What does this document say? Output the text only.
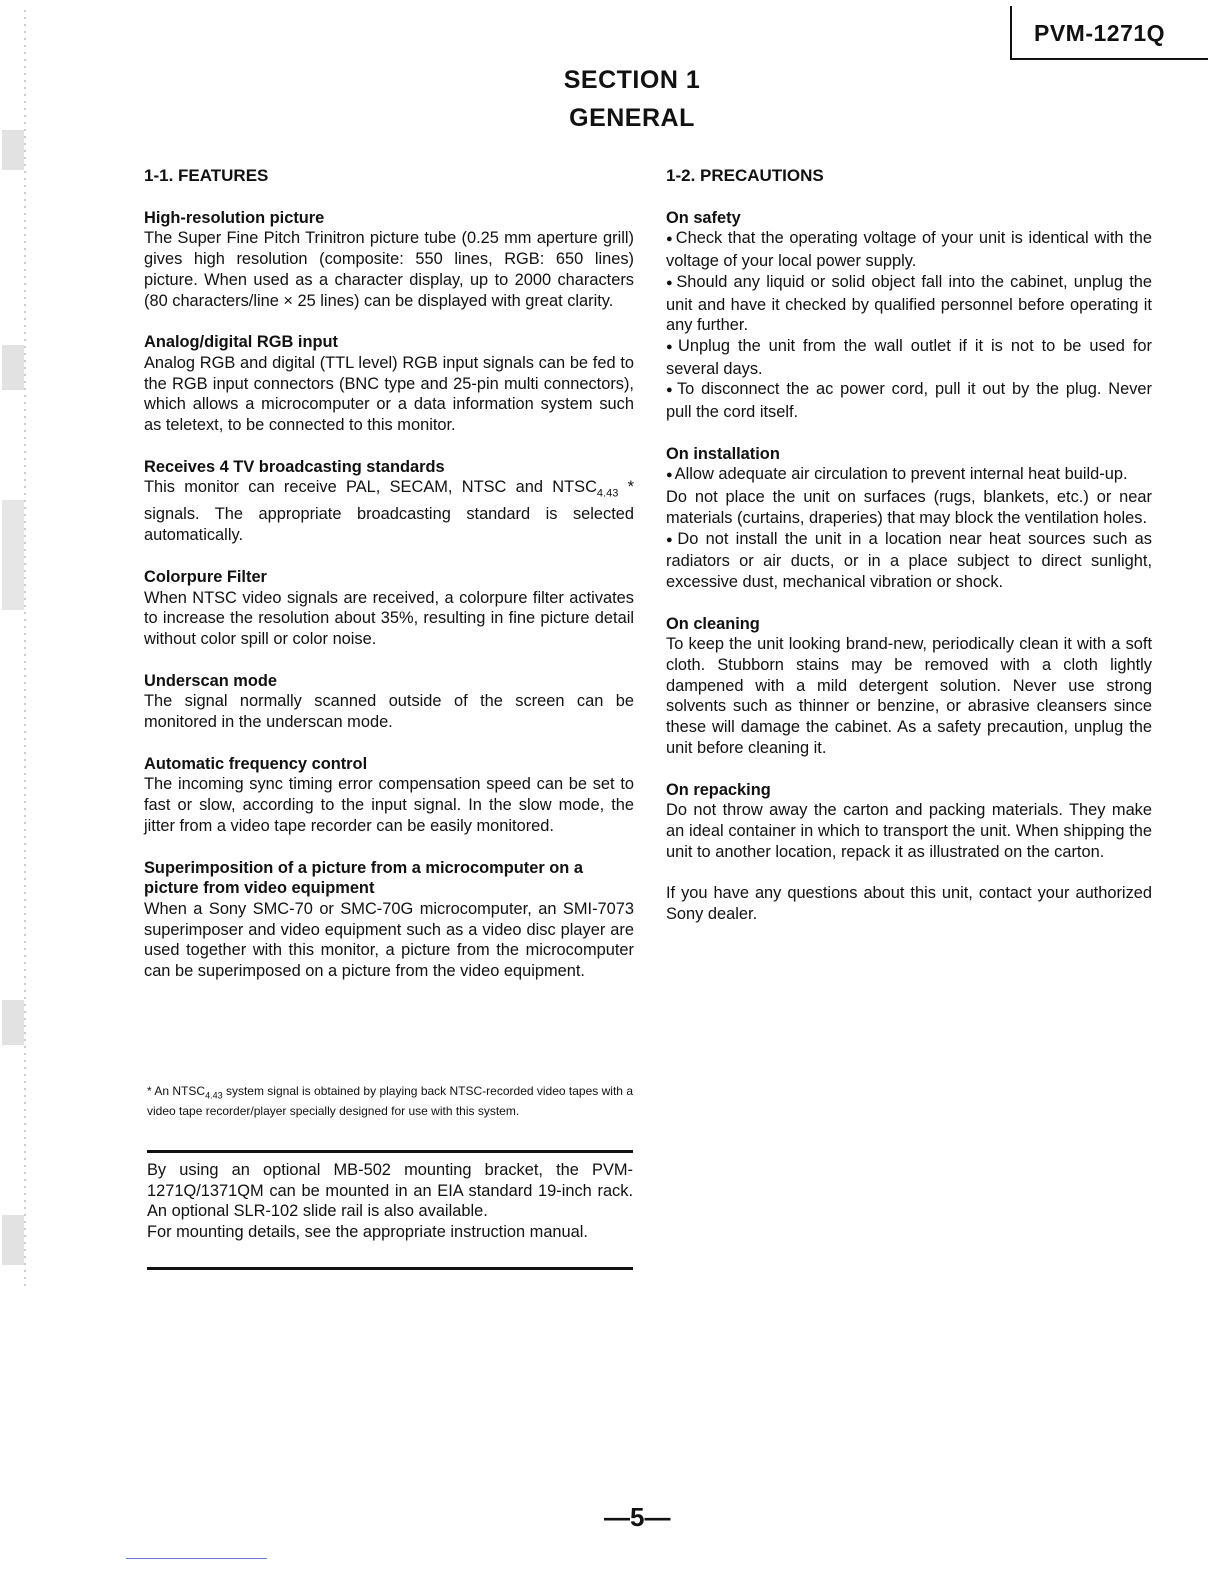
PVM-1271Q
SECTION 1
GENERAL

1-1. FEATURES

High-resolution picture

The Super Fine Pitch Trinitron picture tube (0.25 mm aperture grill) gives high resolution (composite: 550 lines, RGB: 650 lines) picture. When used as a character display, up to 2000 characters (80 characters/line × 25 lines) can be displayed with great clarity.

Analog/digital RGB input

Analog RGB and digital (TTL level) RGB input signals can be fed to the RGB input connectors (BNC type and 25-pin multi connectors), which allows a microcomputer or a data information system such as teletext, to be connected to this monitor.

Receives 4 TV broadcasting standards

This monitor can receive PAL, SECAM, NTSC and $NTSC_{4.43}$ * signals. The appropriate broadcasting standard is selected automatically.

Colorpure Filter

When NTSC video signals are received, a colorpure filter activates to increase the resolution about 35%, resulting in fine picture detail without color spill or color noise.

Underscan mode

The signal normally scanned outside of the screen can be monitored in the underscan mode.

Automatic frequency control

The incoming sync timing error compensation speed can be set to fast or slow, according to the input signal. In the slow mode, the jitter from a video tape recorder can be easily monitored.

Superimposition of a picture from a microcomputer on a picture from video equipment

When a Sony SMC-70 or SMC-70G microcomputer, an SMI-7073 superimposer and video equipment such as a video disc player are used together with this monitor, a picture from the microcomputer can be superimposed on a picture from the video equipment.

* An $NTSC_{4.43}$ system signal is obtained by playing back NTSC-recorded video tapes with a video tape recorder/player specially designed for use with this system.

By using an optional MB-502 mounting bracket, the PVM-1271Q/1371QM can be mounted in an EIA standard 19-inch rack. An optional SLR-102 slide rail is also available.

For mounting details, see the appropriate instruction manual.

1-2. PRECAUTIONS

On safety

● Check that the operating voltage of your unit is identical with the voltage of your local power supply.

● Should any liquid or solid object fall into the cabinet, unplug the unit and have it checked by qualified personnel before operating it any further.

● Unplug the unit from the wall outlet if it is not to be used for several days.

● To disconnect the ac power cord, pull it out by the plug. Never pull the cord itself.

On installation

● Allow adequate air circulation to prevent internal heat build-up.

Do not place the unit on surfaces (rugs, blankets, etc.) or near materials (curtains, draperies) that may block the ventilation holes.

● Do not install the unit in a location near heat sources such as radiators or air ducts, or in a place subject to direct sunlight, excessive dust, mechanical vibration or shock.

On cleaning

To keep the unit looking brand-new, periodically clean it with a soft cloth. Stubborn stains may be removed with a cloth lightly dampened with a mild detergent solution. Never use strong solvents such as thinner or benzine, or abrasive cleansers since these will damage the cabinet. As a safety precaution, unplug the unit before cleaning it.

On repacking

Do not throw away the carton and packing materials. They make an ideal container in which to transport the unit. When shipping the unit to another location, repack it as illustrated on the carton.

If you have any questions about this unit, contact your authorized Sony dealer.

—5—
